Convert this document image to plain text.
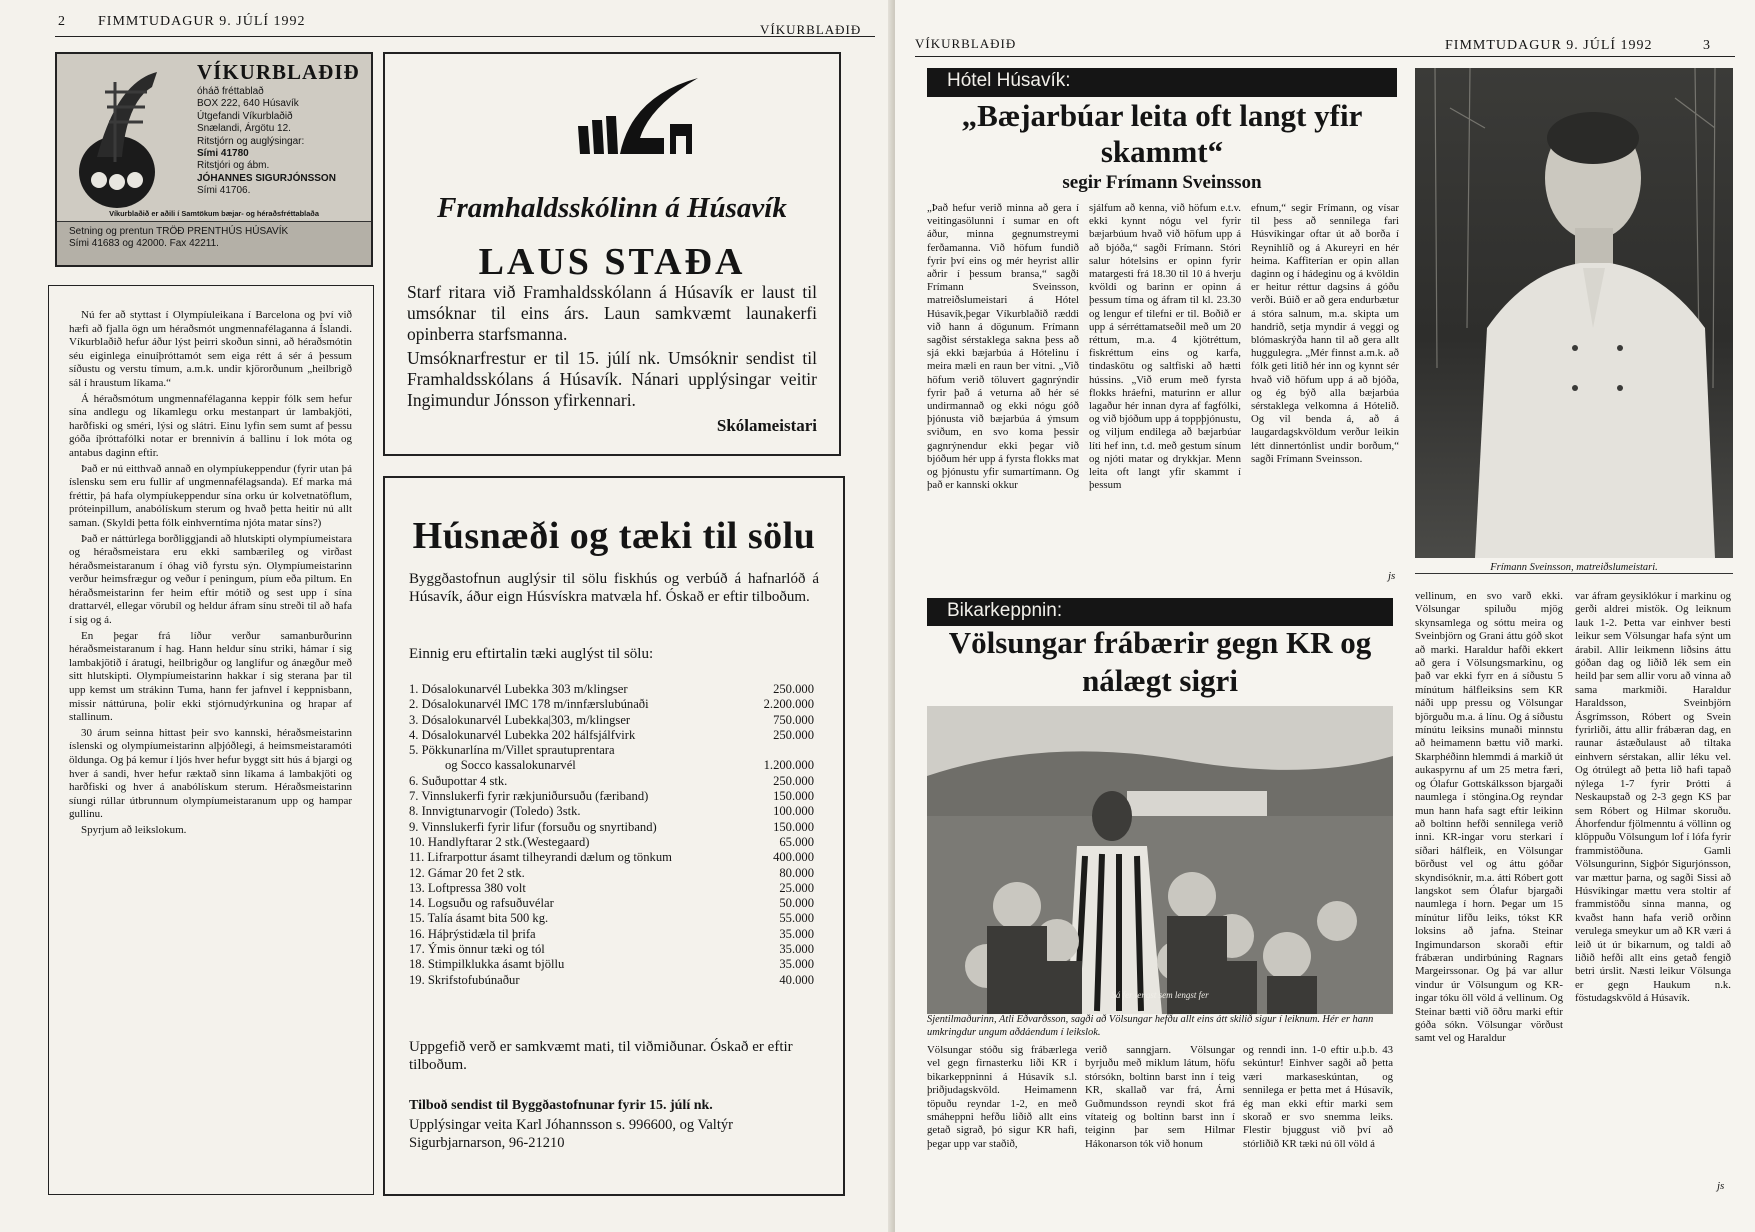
2 FIMMTUDAGUR 9. JÚLÍ 1992
VÍKURBLAÐIÐ
VÍKURBLAÐIÐ
óháð fréttablað
BOX 222, 640 Húsavík
Útgefandi Víkurblaðið
Snælandi, Árgötu 12.
Ritstjórn og auglýsingar:
Sími 41780
Ritstjóri og ábm.
JÓHANNES SIGURJÓNSSON
Sími 41706.
Víkurblaðið er aðili í Samtökum bæjar- og héraðsfréttablaða
Setning og prentun TRÖÐ PRENTHÚS HÚSAVÍK
Sími 41683 og 42000. Fax 42211.

Nú fer að styttast í Olympíuleikana í Barcelona og því við hæfi að fjalla ögn um héraðsmót ungmennafélaganna á Íslandi. Víkurblaðið hefur áður lýst þeirri skoðun sinni, að héraðsmótin séu eiginlega einuíþróttamót sem eiga rétt á sér á þessum síðustu og verstu tímum, a.m.k. undir kjörorðunum „heilbrigð sál í hraustum líkama.“

Á héraðsmótum ungmennafélaganna keppir fólk sem hefur sína andlegu og líkamlegu orku mestanpart úr lambakjöti, harðfiski og sméri, lýsi og slátri. Einu lyfin sem sumt af þessu góða íþróttafólki notar er brennivín á ballinu í lok móta og antabus daginn eftir.

Það er nú eitthvað annað en olympíukeppendur (fyrir utan þá íslensku sem eru fullir af ungmennafélagsanda). Ef marka má fréttir, þá hafa olympíukeppendur sína orku úr kolvetnatöflum, próteinpillum, anabólískum sterum og hvað þetta heitir nú allt saman. (Skyldi þetta fólk einhverntíma njóta matar síns?)

Það er náttúrlega borðliggjandi að hlutskipti olympíumeistara og héraðsmeistara eru ekki sambærileg og virðast héraðsmeistaranum í óhag við fyrstu sýn. Olympíumeistarinn verður heimsfrægur og veður í peningum, píum eða piltum. En héraðsmeistarinn fer heim eftir mótið og sest upp í sína drattarvél, ellegar vörubíl og heldur áfram sínu streði til að hafa í sig og á.

En þegar frá líður verður samanburðurinn héraðsmeistaranum í hag. Hann heldur sínu striki, hámar í sig lambakjötið í áratugi, heilbrigður og langlífur og ánægður með sitt hlutskipti. Olympíumeistarinn hakkar í sig sterana þar til upp kemst um strákinn Tuma, hann fer jafnvel í keppnisbann, missir náttúruna, þolir ekki stjórnudýrkunina og hrapar af stallinum.

30 árum seinna hittast þeir svo kannski, héraðsmeistarinn íslenski og olympíumeistarinn alþjóðlegi, á heimsmeistaramóti öldunga. Og þá kemur í ljós hver hefur byggt sitt hús á bjargi og hver á sandi, hver hefur ræktað sinn líkama á lambakjöti og harðfiski og hver á anabólískum sterum. Héraðsmeistarinn síungi rúllar útbrunnum olympíumeistaranum upp og hampar gullinu.

Spyrjum að leikslokum.

Framhaldsskólinn á Húsavík
LAUS STAÐA
Starf ritara við Framhaldsskólann á Húsavík er laust til umsóknar til eins árs. Laun samkvæmt launakerfi opinberra starfsmanna.
Umsóknarfrestur er til 15. júlí nk. Umsóknir sendist til Framhaldsskólans á Húsavík. Nánari upplýsingar veitir Ingimundur Jónsson yfirkennari.
Skólameistari
Húsnæði og tæki til sölu
Byggðastofnun auglýsir til sölu fiskhús og verbúð á hafnarlóð á Húsavík, áður eign Húsvískra matvæla hf. Óskað er eftir tilboðum.
Einnig eru eftirtalin tæki auglýst til sölu:
1. Dósalokunarvél Lubekka 303 m/klingser	250.000
2. Dósalokunarvél IMC 178 m/innfærslubúnaði	2.200.000
3. Dósalokunarvél Lubekka|303, m/klingser	750.000
4. Dósalokunarvél Lubekka 202 hálfsjálfvirk	250.000
5. Pökkunarlína m/Villet sprautuprentara
og Socco kassalokunarvél	1.200.000
6. Suðupottar 4 stk.	250.000
7. Vinnslukerfi fyrir rækjuniðursuðu (færiband)	150.000
8. Innvigtunarvogir (Toledo) 3stk.	100.000
9. Vinnslukerfi fyrir lifur (forsuðu og snyrtiband)	150.000
10. Handlyftarar 2 stk.(Westegaard)	65.000
11. Lifrarpottur ásamt tilheyrandi dælum og tönkum	400.000
12. Gámar 20 fet 2 stk.	80.000
13. Loftpressa 380 volt	25.000
14. Logsuðu og rafsuðuvélar	50.000
15. Talía ásamt bita 500 kg.	55.000
16. Háþrýstidæla til þrifa	35.000
17. Ýmis önnur tæki og tól	35.000
18. Stimpilklukka ásamt bjöllu	35.000
19. Skrifstofubúnaður	40.000
Uppgefið verð er samkvæmt mati, til viðmiðunar. Óskað er eftir tilboðum.
Tilboð sendist til Byggðastofnunar fyrir 15. júlí nk.
Upplýsingar veita Karl Jóhannsson s. 996600, og Valtýr Sigurbjarnarson, 96-21210
VÍKURBLAÐIÐ	FIMMTUDAGUR 9. JÚLÍ 1992	3
Hótel Húsavík:
„Bæjarbúar leita oft langt yfir skammt“
segir Frímann Sveinsson
„Það hefur verið minna að gera í veitingasölunni í sumar en oft áður, minna gegnumstreymi ferðamanna. Við höfum fundið fyrir því eins og mér heyrist allir aðrir í þessum bransa,“ sagði Frímann Sveinsson, matreiðslumeistari á Hótel Húsavík,þegar Víkurblaðið ræddi við hann á dögunum. Frímann sagðist sérstaklega sakna þess að sjá ekki bæjarbúa á Hótelinu í meira mæli en raun ber vitni. „Við höfum verið töluvert gagnrýndir fyrir það á veturna að hér sé undirmannað og ekki nógu góð þjónusta við bæjarbúa á ýmsum sviðum, en svo koma þessir gagnrýnendur ekki þegar við bjóðum hér upp á fyrsta flokks mat og þjónustu yfir sumartímann. Og það er kannski okkur
sjálfum að kenna, við höfum e.t.v. ekki kynnt nógu vel fyrir bæjarbúum hvað við höfum upp á að bjóða,“ sagði Frímann. Stóri salur hótelsins er opinn fyrir matargesti frá 18.30 til 10 á hverju kvöldi og barinn er opinn á þessum tíma og áfram til kl. 23.30 og lengur ef tilefni er til. Boðið er upp á sérréttamatseðil með um 20 réttum, m.a. 4 kjötréttum, fiskréttum eins og karfa, tindaskötu og saltfiski að hætti hússins. „Við erum með fyrsta flokks hráefni, maturinn er allur lagaður hér innan dyra af fagfólki, og við bjóðum upp á toppþjónustu, og viljum endilega að bæjarbúar líti hef inn, t.d. með gestum sínum og njóti matar og drykkjar. Menn leita oft langt yfir skammt í þessum
efnum,“ segir Frímann, og vísar til þess að sennilega fari Húsvíkingar oftar út að borða í Reynihlíð og á Akureyri en hér heima. Kaffiterían er opin allan daginn og í hádeginu og á kvöldin er heitur réttur dagsins á góðu verði. Búið er að gera endurbætur á stóra salnum, m.a. skipta um handrið, setja myndir á veggi og blómaskrýða hann til að gera allt huggulegra. „Mér finnst a.m.k. að fólk geti litið hér inn og kynnt sér hvað við höfum upp á að bjóða, og ég býð alla bæjarbúa sérstaklega velkomna á Hótelið. Og vil benda á, að á laugardagskvöldum verður leikin létt dinnertónlist undir borðum,“ sagði Frímann Sveinsson.
js
Frímann Sveinsson, matreiðslumeistari.
Bikarkeppnin:
Völsungar frábærir gegn KR og nálægt sigri
Sá fer lengst sem lengst fer
Sjentilmaðurinn, Atli Eðvarðsson, sagði að Völsungar hefðu allt eins átt skilið sigur í leiknum. Hér er hann umkringdur ungum aðdáendum í leikslok.
Völsungar stóðu sig frábærlega vel gegn firnasterku liði KR í bikarkeppninni á Húsavík s.l. þriðjudagskvöld. Heimamenn töpuðu reyndar 1-2, en með smáheppni hefðu liðið allt eins getað sigrað, þó sigur KR hafi, þegar upp var staðið,
verið sanngjarn. Völsungar byrjuðu með miklum látum, höfu stórsókn, boltinn barst inn í teig KR, skallað var frá, Árni Guðmundsson reyndi skot frá vítateig og boltinn barst inn í teiginn þar sem Hilmar Hákonarson tók við honum
og renndi inn. 1-0 eftir u.þ.b. 43 sekúntur! Einhver sagði að þetta væri markaseskúntan, og sennilega er þetta met á Húsavík, ég man ekki eftir marki sem skorað er svo snemma leiks. Flestir bjuggust við því að stórliðið KR tæki nú öll völd á
vellinum, en svo varð ekki. Völsungar spiluðu mjög skynsamlega og sóttu meira og Sveinbjörn og Grani áttu góð skot að marki. Haraldur hafði ekkert að gera í Völsungsmarkinu, og það var ekki fyrr en á síðustu 5 mínútum hálfleiksins sem KR náði upp pressu og Völsungar björguðu m.a. á línu. Og á síðustu mínútu leiksins munaði minnstu að heimamenn bættu við marki. Skarphéðinn hlemmdi á markið út aukaspyrnu af um 25 metra færi, og Ólafur Gottskálksson bjargaði naumlega í stöngina.Og reyndar mun hann hafa sagt eftir leikinn að boltinn hefði sennilega verið inni. KR-ingar voru sterkari í síðari hálfleik, en Völsungar börðust vel og áttu góðar skyndisóknir, m.a. átti Róbert gott langskot sem Ólafur bjargaði naumlega í horn. Þegar um 15 mínútur lifðu leiks, tókst KR loksins að jafna. Steinar Ingimundarson skoraði eftir frábæran undirbúning Ragnars Margeirssonar. Og þá var allur vindur úr Völsungum og KR-ingar tóku öll völd á vellinum. Og Steinar bætti við öðru marki eftir góða sókn. Völsungar vörðust samt vel og Haraldur
var áfram geysiklókur í markinu og gerði aldrei mistök. Og leiknum lauk 1-2. Þetta var einhver besti leikur sem Völsungar hafa sýnt um árabil. Allir leikmenn liðsins áttu góðan dag og liðið lék sem ein heild þar sem allir voru að vinna að sama markmiði. Haraldur Haraldsson, Sveinbjörn Ásgrímsson, Róbert og Svein fyrirliði, áttu allir frábæran dag, en raunar ástæðulaust að tiltaka einhvern sérstakan, allir léku vel. Og ótrúlegt að þetta lið hafi tapað nýlega 1-7 fyrir Þrótti á Neskaupstað og 2-3 gegn KS þar sem Róbert og Hilmar skoruðu. Áhorfendur fjölmenntu á völlinn og klöppuðu Völsungum lof í lófa fyrir frammistöðuna. Gamli Völsungurinn, Sigþór Sigurjónsson, var mættur þarna, og sagði Sissi að Húsvíkingar mættu vera stoltir af frammistöðu sinna manna, og kvaðst hann hafa verið orðinn verulega smeykur um að KR væri á leið út úr bikarnum, og taldi að liðið hefði allt eins getað fengið betri úrslit. Næsti leikur Völsunga er gegn Haukum n.k. föstudagskvöld á Húsavík.
js
